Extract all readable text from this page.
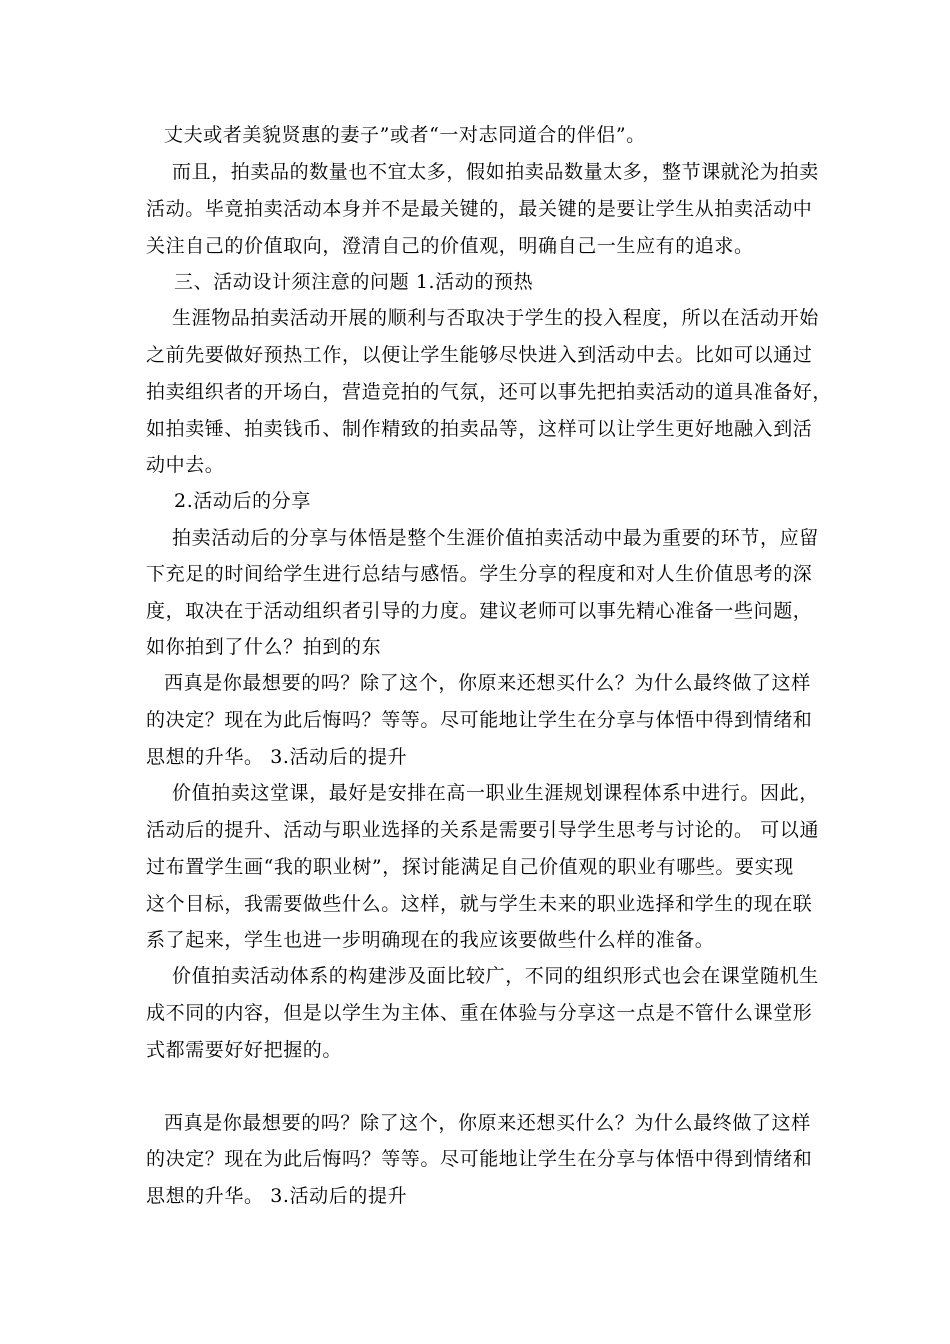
丈夫或者美貌贤惠的妻子”或者“一对志同道合的伴侣”。
而且，拍卖品的数量也不宜太多，假如拍卖品数量太多，整节课就沦为拍卖
活动。毕竟拍卖活动本身并不是最关键的，最关键的是要让学生从拍卖活动中
关注自己的价值取向，澄清自己的价值观，明确自己一生应有的追求。
三、活动设计须注意的问题 1.活动的预热
生涯物品拍卖活动开展的顺利与否取决于学生的投入程度，所以在活动开始
之前先要做好预热工作，以便让学生能够尽快进入到活动中去。比如可以通过
拍卖组织者的开场白，营造竞拍的气氛，还可以事先把拍卖活动的道具准备好，
如拍卖锤、拍卖钱币、制作精致的拍卖品等，这样可以让学生更好地融入到活
动中去。
2.活动后的分享
拍卖活动后的分享与体悟是整个生涯价值拍卖活动中最为重要的环节，应留
下充足的时间给学生进行总结与感悟。学生分享的程度和对人生价值思考的深
度，取决在于活动组织者引导的力度。建议老师可以事先精心准备一些问题，
如你拍到了什么？拍到的东
西真是你最想要的吗？除了这个，你原来还想买什么？为什么最终做了这样
的决定？现在为此后悔吗？等等。尽可能地让学生在分享与体悟中得到情绪和
思想的升华。 3.活动后的提升
价值拍卖这堂课，最好是安排在高一职业生涯规划课程体系中进行。因此，
活动后的提升、活动与职业选择的关系是需要引导学生思考与讨论的。 可以通
过布置学生画“我的职业树”，探讨能满足自己价值观的职业有哪些。要实现
这个目标，我需要做些什么。这样，就与学生未来的职业选择和学生的现在联
系了起来，学生也进一步明确现在的我应该要做些什么样的准备。
价值拍卖活动体系的构建涉及面比较广，不同的组织形式也会在课堂随机生
成不同的内容，但是以学生为主体、重在体验与分享这一点是不管什么课堂形
式都需要好好把握的。
西真是你最想要的吗？除了这个，你原来还想买什么？为什么最终做了这样
的决定？现在为此后悔吗？等等。尽可能地让学生在分享与体悟中得到情绪和
思想的升华。 3.活动后的提升
